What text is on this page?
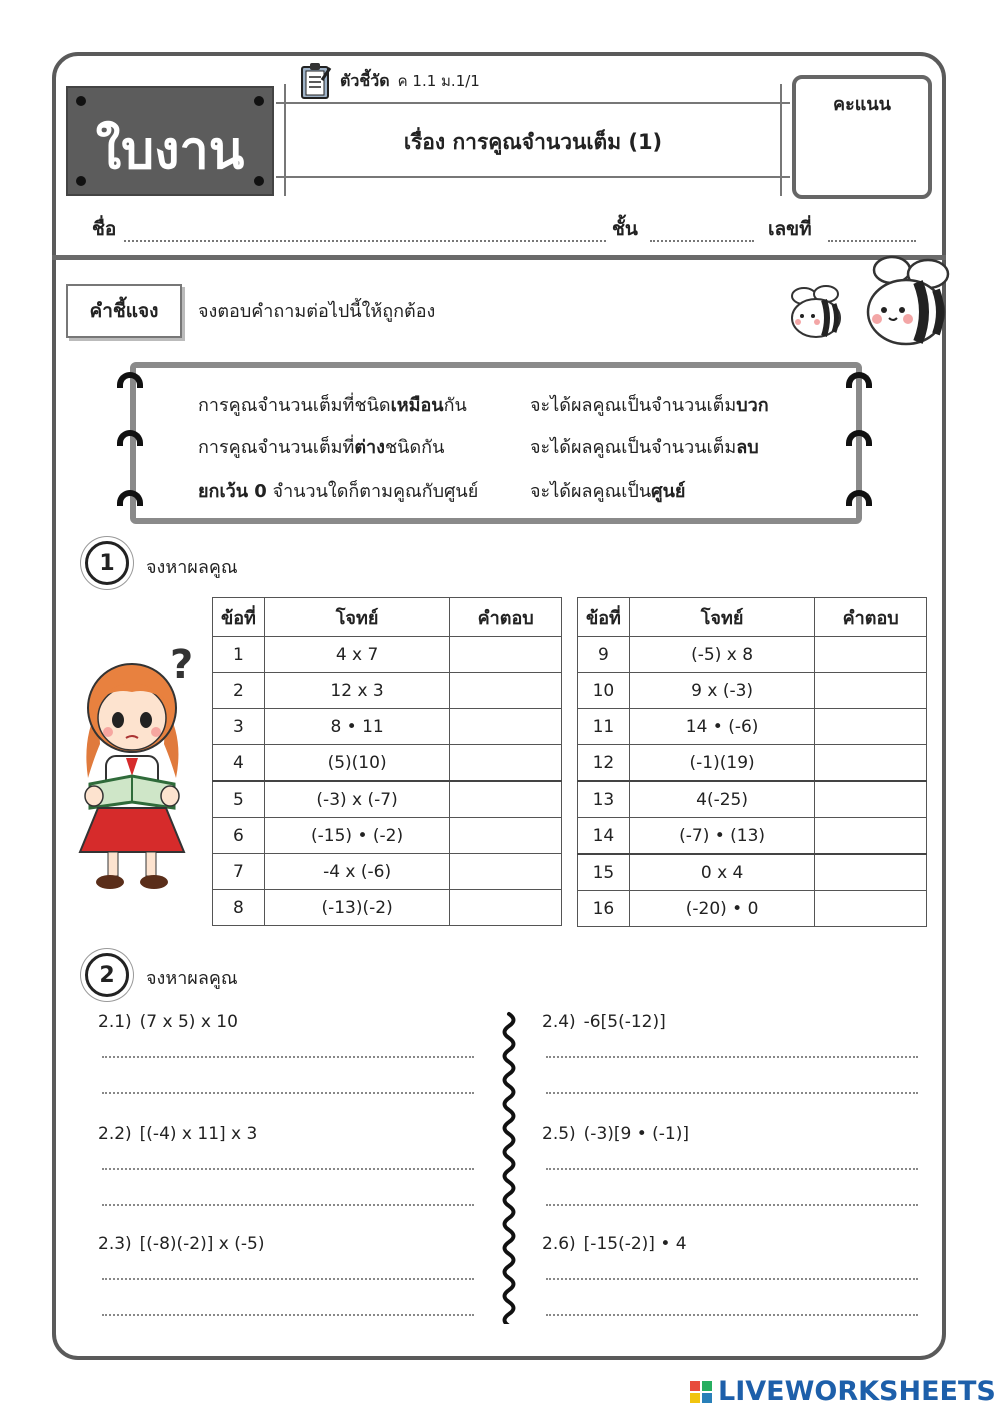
ใบงาน
ตัวชี้วัด ค 1.1 ม.1/1
เรื่อง การคูณจำนวนเต็ม (1)
คะแนน
ชื่อ	ชั้น	เลขที่
คำชี้แจง	จงตอบคำถามต่อไปนี้ให้ถูกต้อง
การคูณจำนวนเต็มที่ชนิดเหมือนกัน	จะได้ผลคูณเป็นจำนวนเต็มบวก
การคูณจำนวนเต็มที่ต่างชนิดกัน	จะได้ผลคูณเป็นจำนวนเต็มลบ
ยกเว้น 0 จำนวนใดก็ตามคูณกับศูนย์	จะได้ผลคูณเป็นศูนย์
1	จงหาผลคูณ
?
ข้อที่	โจทย์	คำตอบ
1	4 x 7	
2	12 x 3	
3	8 • 11	
4	(5)(10)	
5	(-3) x (-7)	
6	(-15) • (-2)	
7	-4 x (-6)	
8	(-13)(-2)	
ข้อที่	โจทย์	คำตอบ
9	(-5) x 8	
10	9 x (-3)	
11	14 • (-6)	
12	(-1)(19)	
13	4(-25)	
14	(-7) • (13)	
15	0 x 4	
16	(-20) • 0	
2	จงหาผลคูณ
2.1) (7 x 5) x 10
2.2) [(-4) x 11] x 3
2.3) [(-8)(-2)] x (-5)
2.4) -6[5(-12)]
2.5) (-3)[9 • (-1)]
2.6) [-15(-2)] • 4
LIVEWORKSHEETS
